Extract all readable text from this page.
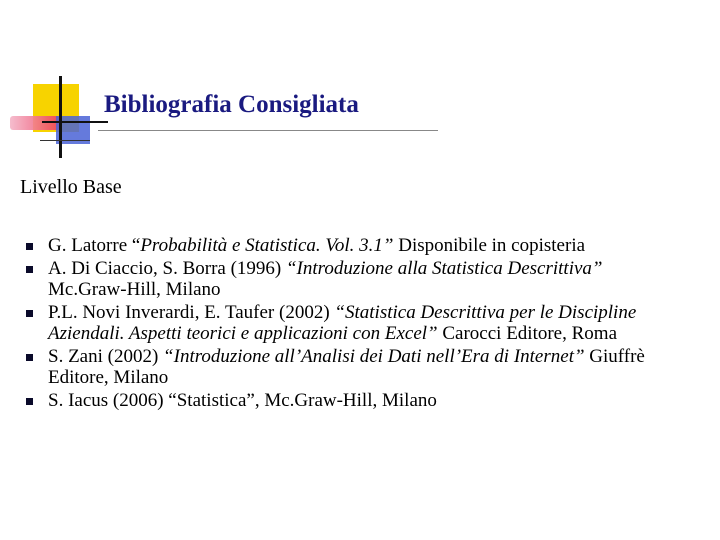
Bibliografia Consigliata
Livello Base
G. Latorre “Probabilità e Statistica. Vol. 3.1” Disponibile in copisteria
A. Di Ciaccio, S. Borra (1996) “Introduzione alla Statistica Descrittiva” Mc.Graw-Hill, Milano
P.L. Novi Inverardi, E. Taufer (2002) “Statistica Descrittiva per le Discipline Aziendali. Aspetti teorici e applicazioni con Excel” Carocci Editore, Roma
S. Zani (2002) “Introduzione all’Analisi dei Dati nell’Era di Internet” Giuffrè Editore, Milano
S. Iacus (2006) “Statistica”, Mc.Graw-Hill, Milano
